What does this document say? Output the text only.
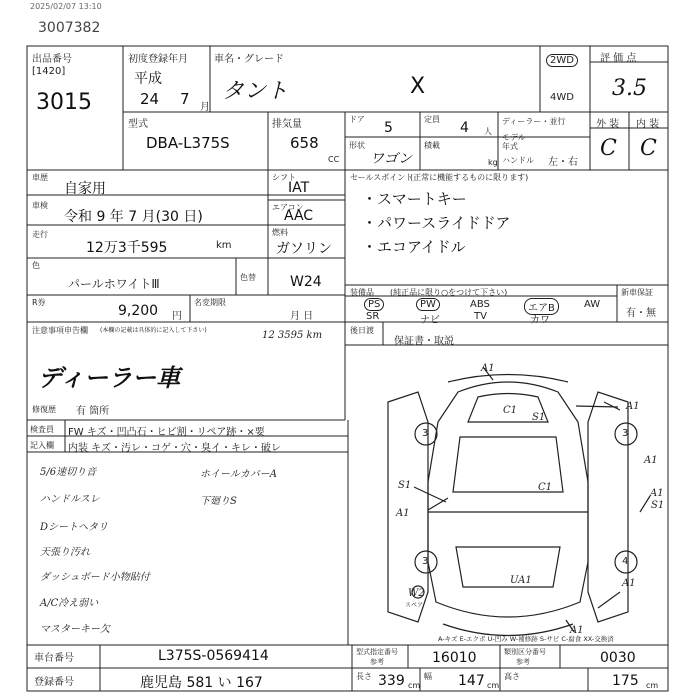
2025/02/07 13:10
3007382
出品番号
[1420]
3015
初度登録年月
平成
24 7 月
車名・グレード
タント	X
2WD
4WD
評 価 点
3.5
外 装 内 装
C C
型式
DBA-L375S
排気量
658
CC
ドア
5
定員
4 人
形状
ワゴン
積載
kg
ディーラー・並行
モデル年式
ハンドル 左・右
車歴
自家用
車検
令和 9 年 7 月(30 日)
走行
12万3千595	km
シフト
IAT
エアコン
AAC
燃料
ガソリン
色
パールホワイトⅢ	色替 W24
R券
9,200 円
名変期限
月 日
注意事項申告欄 (本欄の記載は具体的に記入して下さい)	12 3595 km
ディーラー車
修復歴 有 箇所
セールスポイント
(正常に機能するものに限ります)
・スマートキー
・パワースライドドア
・エコアイドル
装備品 (純正品に限り○をつけて下さい)
PS	PW	ABS	エアB	AW
SR	ナビ	TV	カワ
新車保証
有・無
後日渡
保証書・取説
検査員
記入欄
FW キズ・凹凸石・ヒビ割・リペア跡・×要
内装 キズ・汚レ・コゲ・穴・臭イ・キレ・破レ
5/6速切り音
ハンドルスレ
Dシートヘタリ
天張り汚れ
ダッシュボード小物貼付
A/C冷え弱い
マスターキー欠
ホイールカバーA
下廻りS
A1
A1
A1
A1
A1
A1
A1
S1
S1
S1
C1
C1
UA1
W2
3
3
3
4
スペア
A-キズ E-エクボ U-凹み W-補修跡 S-サビ C-腐食 XX-交換済
車台番号	L375S-0569414
登録番号	鹿児島 581 い 167
型式指定番号
参考	16010	類別区分番号
参考	0030
長さ 339 cm
幅 147 cm
高さ	175 cm
